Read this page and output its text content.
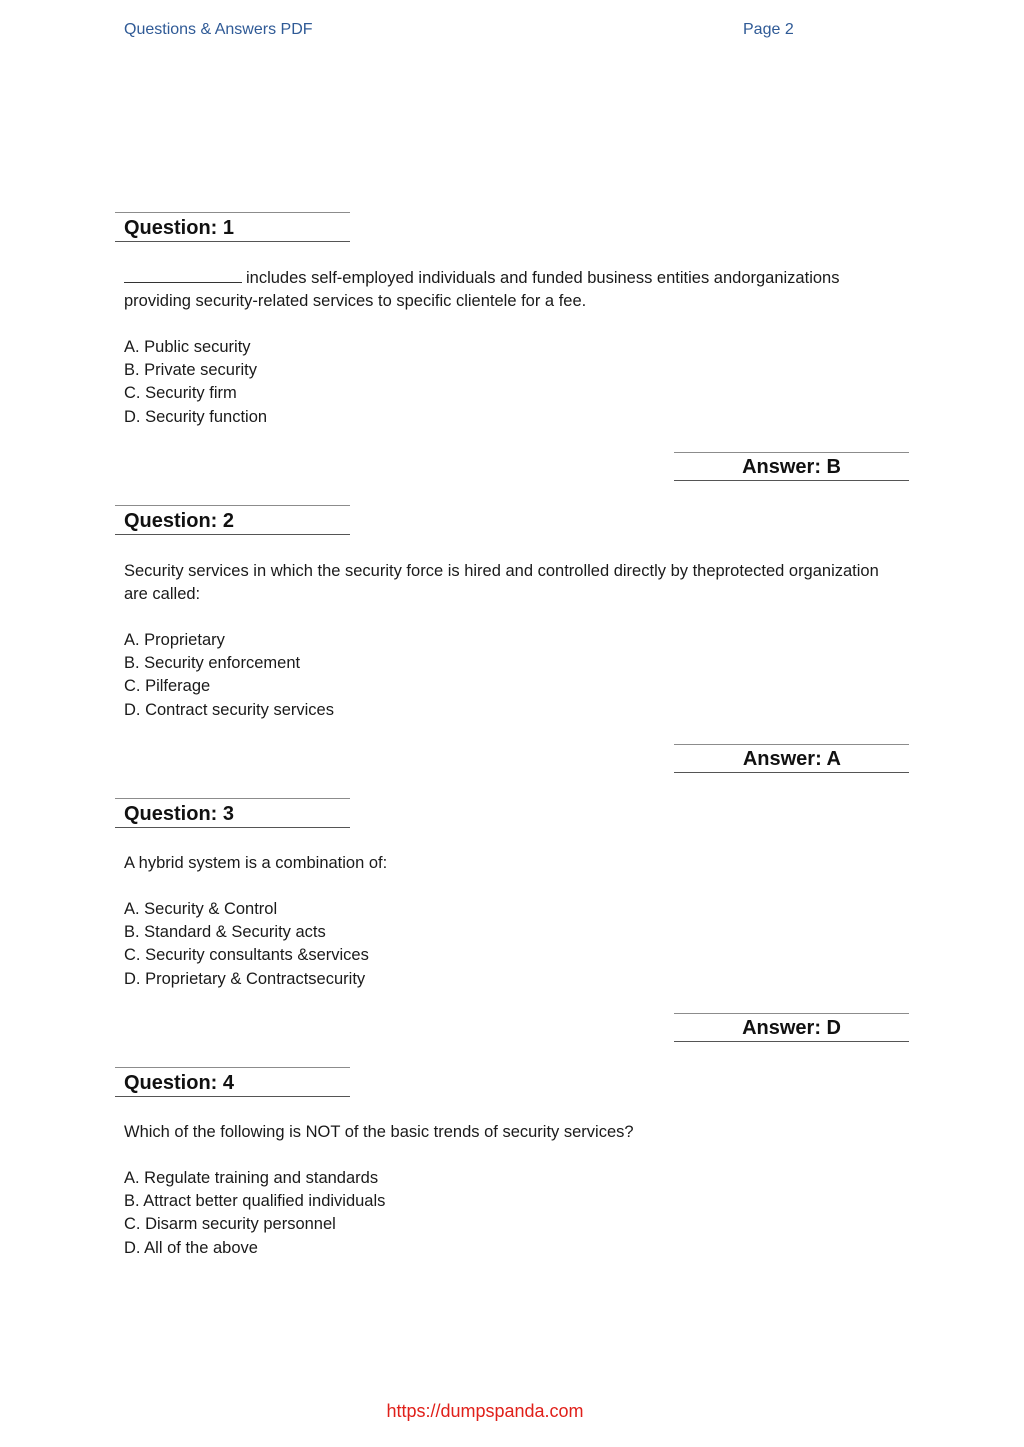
Questions & Answers PDF	Page 2
Question: 1
includes self-employed individuals and funded business entities andorganizations providing security-related services to specific clientele for a fee.
A. Public security
B. Private security
C. Security firm
D. Security function
Answer: B
Question: 2
Security services in which the security force is hired and controlled directly by theprotected organization are called:
A. Proprietary
B. Security enforcement
C. Pilferage
D. Contract security services
Answer: A
Question: 3
A hybrid system is a combination of:
A. Security & Control
B. Standard & Security acts
C. Security consultants &services
D. Proprietary & Contractsecurity
Answer: D
Question: 4
Which of the following is NOT of the basic trends of security services?
A. Regulate training and standards
B. Attract better qualified individuals
C. Disarm security personnel
D. All of the above
https://dumpspanda.com
